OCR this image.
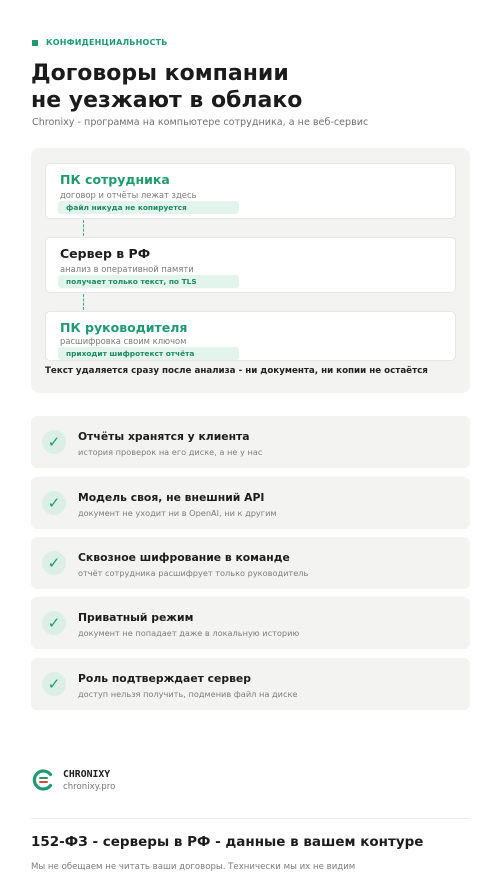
КОНФИДЕНЦИАЛЬНОСТЬ
Договоры компании
не уезжают в облако
Chronixy - программа на компьютере сотрудника, а не веб-сервис
ПК сотрудника
договор и отчёты лежат здесь
файл никуда не копируется
Сервер в РФ
анализ в оперативной памяти
получает только текст, по TLS
ПК руководителя
расшифровка своим ключом
приходит шифротекст отчёта
Текст удаляется сразу после анализа - ни документа, ни копии не остаётся
✓	Отчёты хранятся у клиента
история проверок на его диске, а не у нас
✓	Модель своя, не внешний API
документ не уходит ни в OpenAI, ни к другим
✓	Сквозное шифрование в команде
отчёт сотрудника расшифрует только руководитель
✓	Приватный режим
документ не попадает даже в локальную историю
✓	Роль подтверждает сервер
доступ нельзя получить, подменив файл на диске
CHRONIXY
chronixy.pro
152-ФЗ - серверы в РФ - данные в вашем контуре
Мы не обещаем не читать ваши договоры. Технически мы их не видим
